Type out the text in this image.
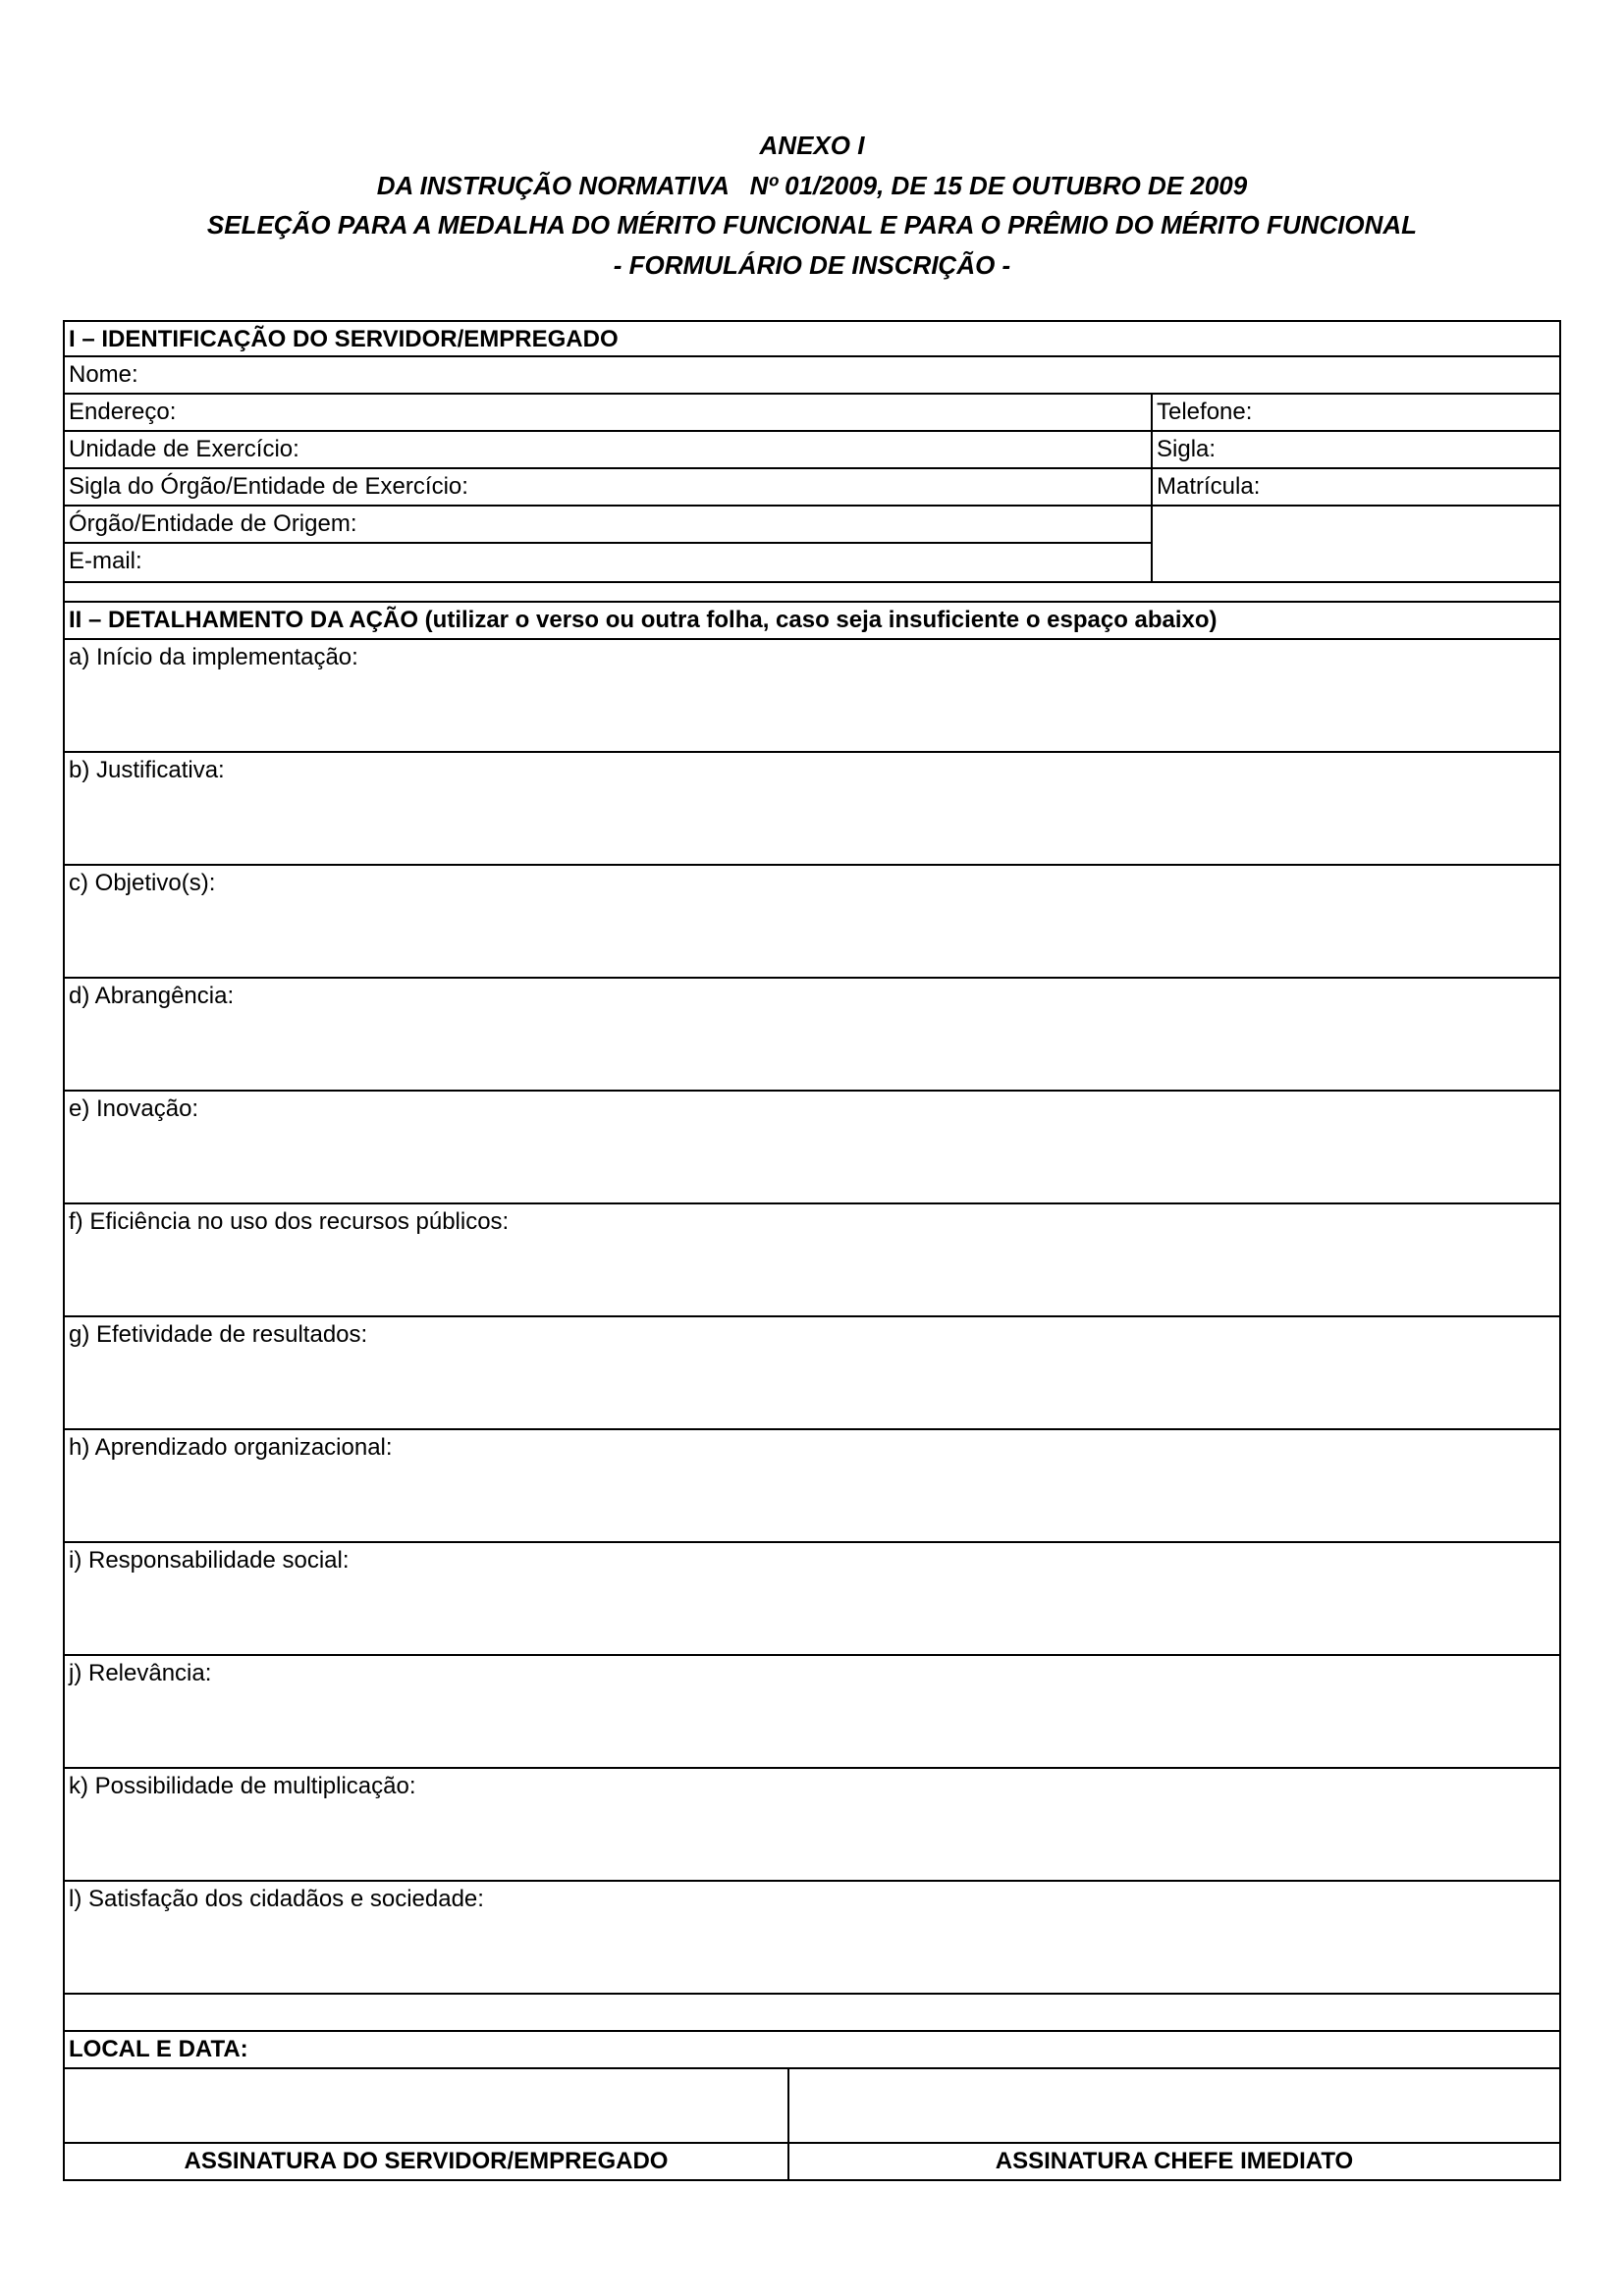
ANEXO I
DA INSTRUÇÃO NORMATIVA   Nº 01/2009, DE 15 DE OUTUBRO DE 2009
SELEÇÃO PARA A MEDALHA DO MÉRITO FUNCIONAL E PARA O PRÊMIO DO MÉRITO FUNCIONAL
- FORMULÁRIO DE INSCRIÇÃO -
I – IDENTIFICAÇÃO DO SERVIDOR/EMPREGADO
Nome:
Endereço:	Telefone:
Unidade de Exercício:	Sigla:
Sigla do Órgão/Entidade de Exercício:	Matrícula:
Órgão/Entidade de Origem:
E-mail:
II – DETALHAMENTO DA AÇÃO (utilizar o verso ou outra folha, caso seja insuficiente o espaço abaixo)
a) Início da implementação:
b) Justificativa:
c) Objetivo(s):
d) Abrangência:
e) Inovação:
f) Eficiência no uso dos recursos públicos:
g) Efetividade de resultados:
h) Aprendizado organizacional:
i) Responsabilidade social:
j) Relevância:
k) Possibilidade de multiplicação:
l) Satisfação dos cidadãos e sociedade:
LOCAL E DATA:
ASSINATURA DO SERVIDOR/EMPREGADO	ASSINATURA CHEFE IMEDIATO
